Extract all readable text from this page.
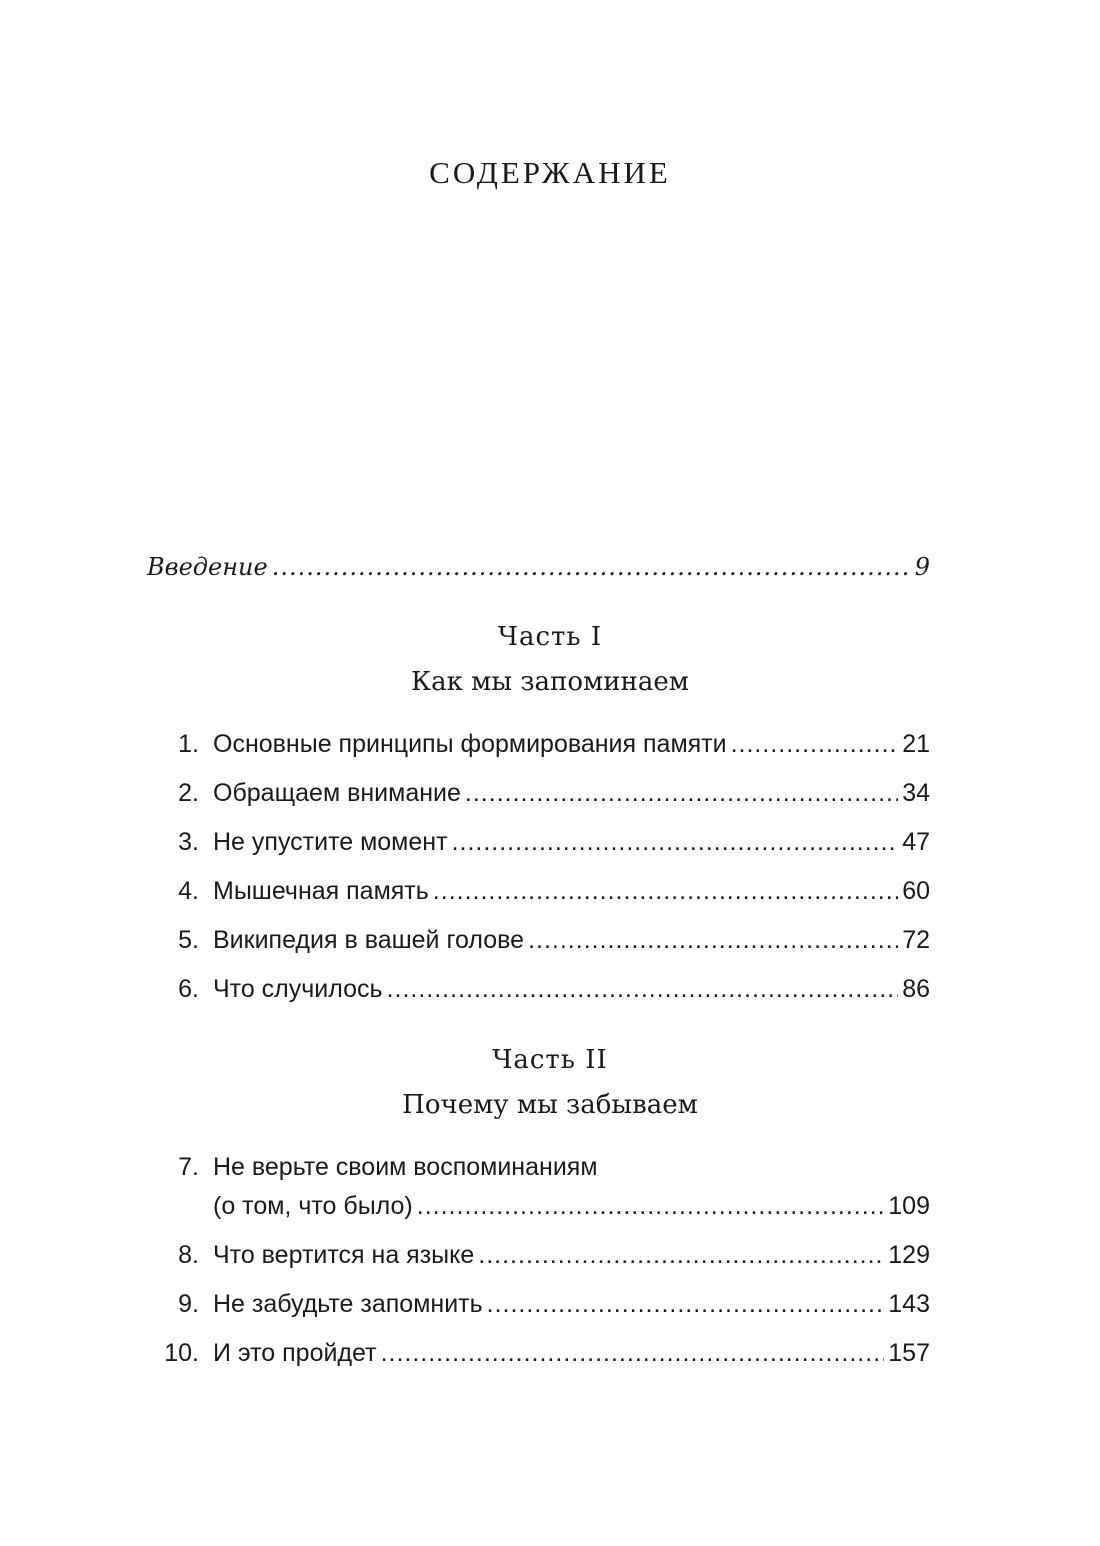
СОДЕРЖАНИЕ
Введение .....	9
Часть I
Как мы запоминаем
1. Основные принципы формирования памяти .....	21
2. Обращаем внимание .....	34
3. Не упустите момент .....	47
4. Мышечная память .....	60
5. Википедия в вашей голове .....	72
6. Что случилось .....	86
Часть II
Почему мы забываем
7. Не верьте своим воспоминаниям
(о том, что было) .....	109
8. Что вертится на языке .....	129
9. Не забудьте запомнить .....	143
10. И это пройдет .....	157
